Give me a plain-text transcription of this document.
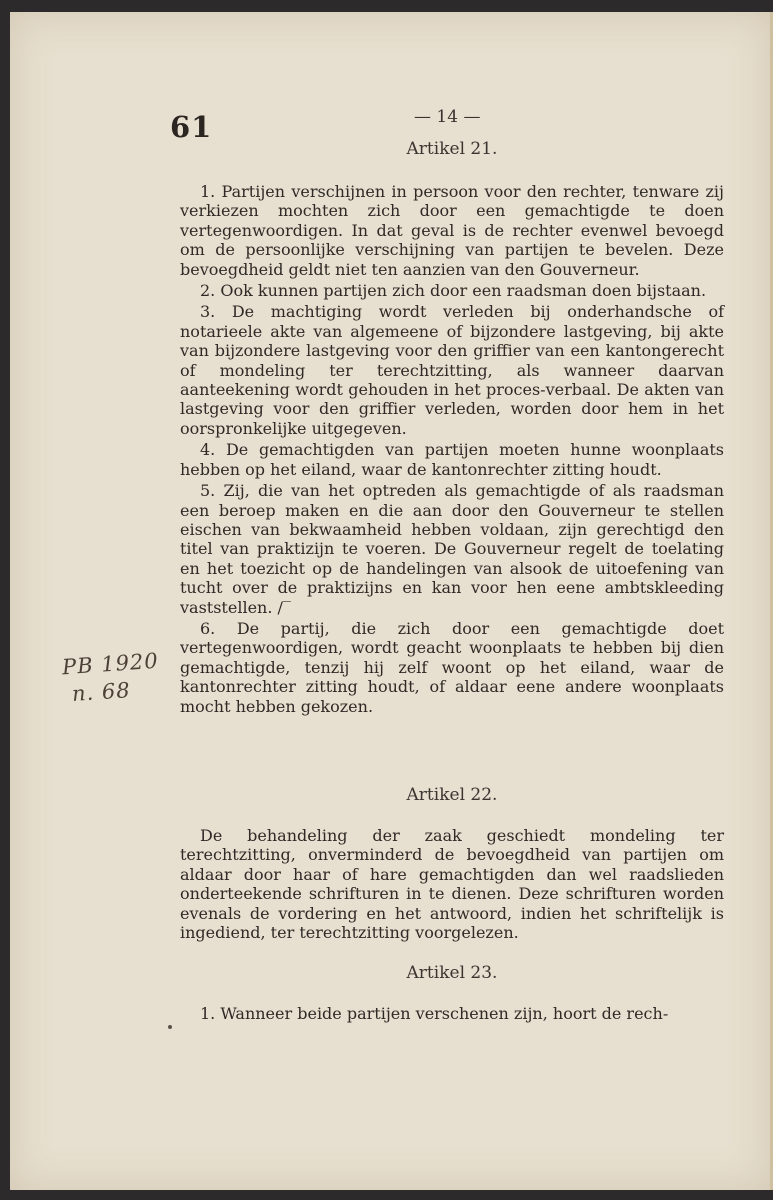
61	— 14 —
Artikel 21.

1. Partijen verschijnen in persoon voor den rechter, tenware zij verkiezen mochten zich door een gemachtigde te doen vertegenwoordigen. In dat geval is de rechter evenwel bevoegd om de persoonlijke verschijning van partijen te bevelen. Deze bevoegdheid geldt niet ten aanzien van den Gouverneur.

2. Ook kunnen partijen zich door een raadsman doen bijstaan.

3. De machtiging wordt verleden bij onderhandsche of notarieele akte van algemeene of bijzondere lastgeving, bij akte van bijzondere lastgeving voor den griffier van een kantongerecht of mondeling ter terechtzitting, als wanneer daarvan aanteekening wordt gehouden in het proces-verbaal. De akten van lastgeving voor den griffier verleden, worden door hem in het oorspronkelijke uitgegeven.

4. De gemachtigden van partijen moeten hunne woonplaats hebben op het eiland, waar de kantonrechter zitting houdt.

5. Zij, die van het optreden als gemachtigde of als raadsman een beroep maken en die aan door den Gouverneur te stellen eischen van bekwaamheid hebben voldaan, zijn gerechtigd den titel van praktizijn te voeren. De Gouverneur regelt de toelating en het toezicht op de handelingen van alsook de uitoefening van tucht over de praktizijns en kan voor hen eene ambtskleeding vaststellen. /‾

6. De partij, die zich door een gemachtigde doet vertegenwoordigen, wordt geacht woonplaats te hebben bij dien gemachtigde, tenzij hij zelf woont op het eiland, waar de kantonrechter zitting houdt, of aldaar eene andere woonplaats mocht hebben gekozen.

Artikel 22.

De behandeling der zaak geschiedt mondeling ter terechtzitting, onverminderd de bevoegdheid van partijen om aldaar door haar of hare gemachtigden dan wel raadslieden onderteekende schrifturen in te dienen. Deze schrifturen worden evenals de vordering en het antwoord, indien het schriftelijk is ingediend, ter terechtzitting voorgelezen.

Artikel 23.

1. Wanneer beide partijen verschenen zijn, hoort de rech-

PB 1920
n. 68
